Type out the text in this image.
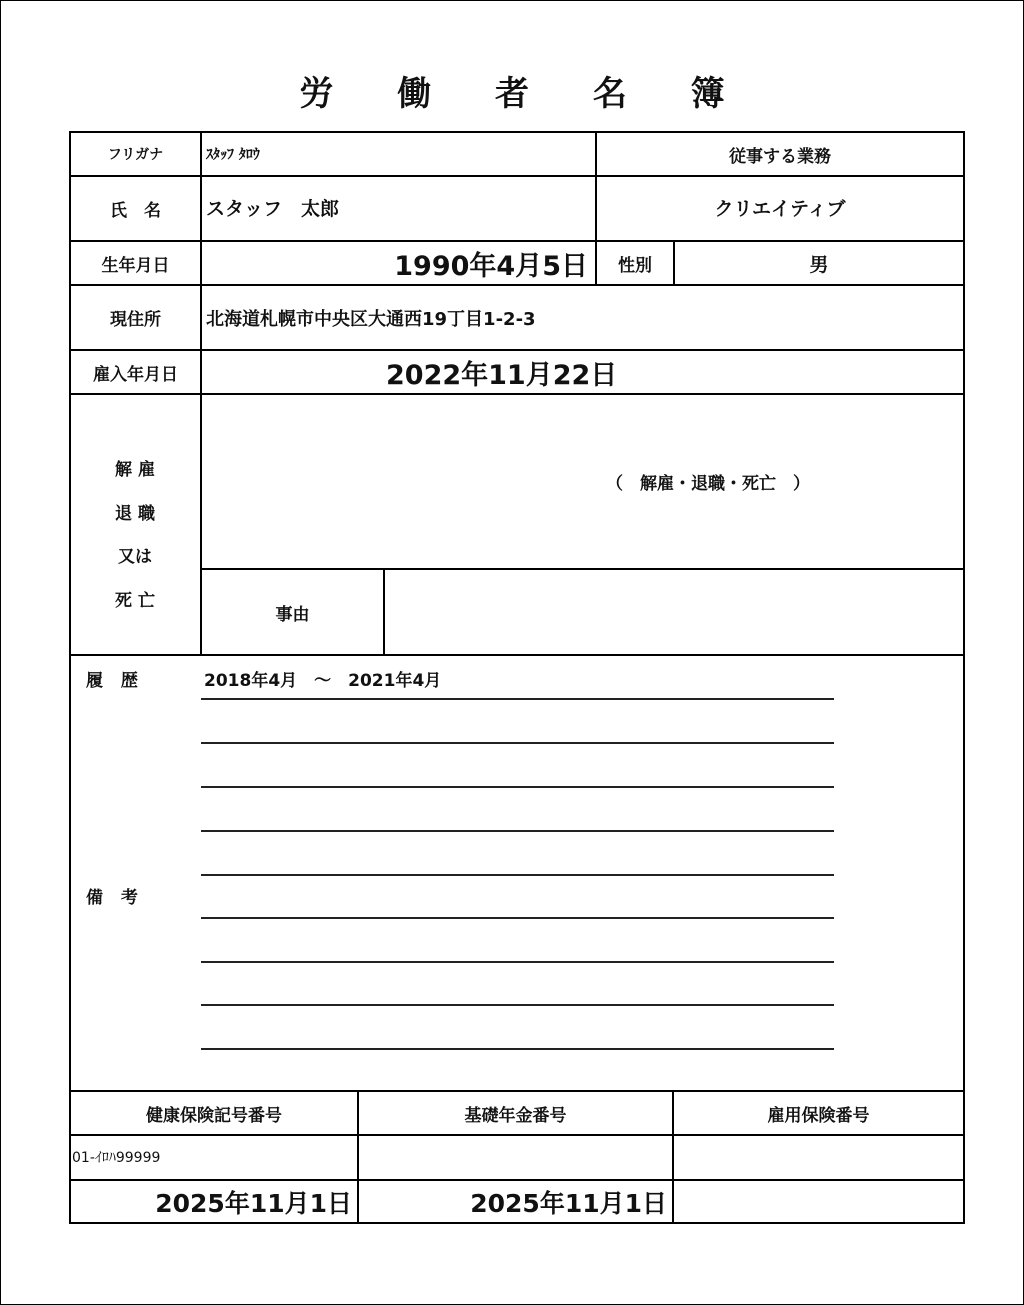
労 働 者 名 簿
フリガナ	ｽﾀｯﾌ ﾀﾛｳ	従事する業務
氏　名	スタッフ　太郎	クリエイティブ
生年月日	1990年4月5日	性別	男
現住所	北海道札幌市中央区大通西19丁目1-2-3
雇入年月日	2022年11月22日
解 雇
退 職
又は
死 亡
（　解雇・退職・死亡　）
事由
履 歴	2018年4月　～　2021年4月
備 考
健康保険記号番号	基礎年金番号	雇用保険番号
01-ｲﾛﾊ99999
2025年11月1日	2025年11月1日
